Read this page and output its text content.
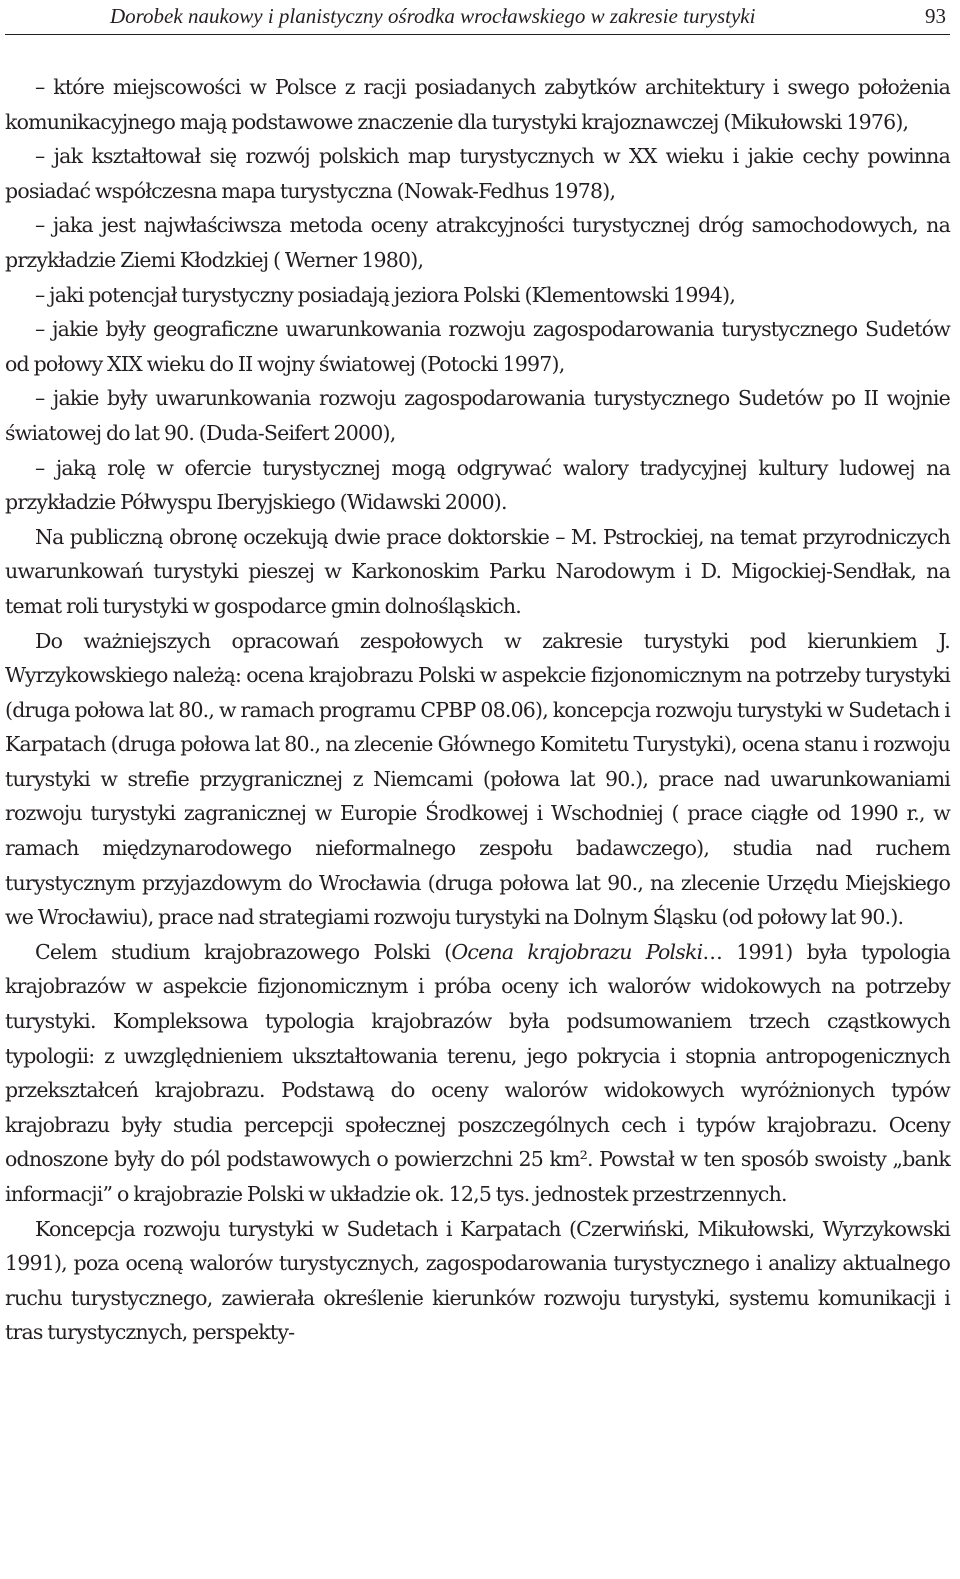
Dorobek naukowy i planistyczny ośrodka wrocławskiego w zakresie turystyki	93

– które miejscowości w Polsce z racji posiadanych zabytków architektury i swego położenia komunikacyjnego mają podstawowe znaczenie dla turystyki krajoznawczej (Mikułowski 1976),

– jak kształtował się rozwój polskich map turystycznych w XX wieku i jakie cechy powinna posiadać współczesna mapa turystyczna (Nowak-Fedhus 1978),

– jaka jest najwłaściwsza metoda oceny atrakcyjności turystycznej dróg samochodowych, na przykładzie Ziemi Kłodzkiej ( Werner 1980),

– jaki potencjał turystyczny posiadają jeziora Polski (Klementowski 1994),

– jakie były geograficzne uwarunkowania rozwoju zagospodarowania turystycznego Sudetów od połowy XIX wieku do II wojny światowej (Potocki 1997),

– jakie były uwarunkowania rozwoju zagospodarowania turystycznego Sudetów po II wojnie światowej do lat 90. (Duda-Seifert 2000),

– jaką rolę w ofercie turystycznej mogą odgrywać walory tradycyjnej kultury ludowej na przykładzie Półwyspu Iberyjskiego (Widawski 2000).

Na publiczną obronę oczekują dwie prace doktorskie – M. Pstrockiej, na temat przyrodniczych uwarunkowań turystyki pieszej w Karkonoskim Parku Narodowym i D. Migockiej-Sendłak, na temat roli turystyki w gospodarce gmin dolnośląskich.

Do ważniejszych opracowań zespołowych w zakresie turystyki pod kierunkiem J. Wyrzykowskiego należą: ocena krajobrazu Polski w aspekcie fizjonomicznym na potrzeby turystyki (druga połowa lat 80., w ramach programu CPBP 08.06), koncepcja rozwoju turystyki w Sudetach i Karpatach (druga połowa lat 80., na zlecenie Głównego Komitetu Turystyki), ocena stanu i rozwoju turystyki w strefie przygranicznej z Niemcami (połowa lat 90.), prace nad uwarunkowaniami rozwoju turystyki zagranicznej w Europie Środkowej i Wschodniej ( prace ciągłe od 1990 r., w ramach międzynarodowego nieformalnego zespołu badawczego), studia nad ruchem turystycznym przyjazdowym do Wrocławia (druga połowa lat 90., na zlecenie Urzędu Miejskiego we Wrocławiu), prace nad strategiami rozwoju turystyki na Dolnym Śląsku (od połowy lat 90.).

Celem studium krajobrazowego Polski (Ocena krajobrazu Polski… 1991) była typologia krajobrazów w aspekcie fizjonomicznym i próba oceny ich walorów widokowych na potrzeby turystyki. Kompleksowa typologia krajobrazów była podsumowaniem trzech cząstkowych typologii: z uwzględnieniem ukształtowania terenu, jego pokrycia i stopnia antropogenicznych przekształceń krajobrazu. Podstawą do oceny walorów widokowych wyróżnionych typów krajobrazu były studia percepcji społecznej poszczególnych cech i typów krajobrazu. Oceny odnoszone były do pól podstawowych o powierzchni 25 km². Powstał w ten sposób swoisty „bank informacji” o krajobrazie Polski w układzie ok. 12,5 tys. jednostek przestrzennych.

Koncepcja rozwoju turystyki w Sudetach i Karpatach (Czerwiński, Mikułowski, Wyrzykowski 1991), poza oceną walorów turystycznych, zagospodarowania turystycznego i analizy aktualnego ruchu turystycznego, zawierała określenie kierunków rozwoju turystyki, systemu komunikacji i tras turystycznych, perspekty-
